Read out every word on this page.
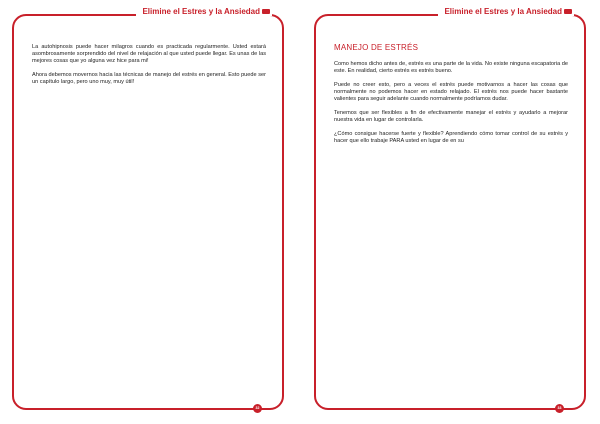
Elimine el Estres y la Ansiedad

La autohipnosis puede hacer milagros cuando es practicada regularmente. Usted estará asombrosamente sorprendido del nivel de relajación al que usted puede llegar. Es unas de las mejores cosas que yo alguna vez hice para mi!

Ahora debemos movernos hacia las técnicas de manejo del estrés en general. Esto puede ser un capítulo largo, pero uno muy, muy útil!

32
Elimine el Estres y la Ansiedad
MANEJO DE ESTRÉS

Como hemos dicho antes de, estrés es una parte de la vida. No existe ninguna escapatoria de este. En realidad, cierto estrés es estrés bueno.

Puede no creer esto, pero a veces el estrés puede motivarnos a hacer las cosas que normalmente no podemos hacer en estado relajado. El estrés nos puede hacer bastante valientes para seguir adelante cuando normalmente podríamos dudar.

Tenemos que ser flexibles a fin de efectivamente manejar el estrés y ayudarlo a mejorar nuestra vida en lugar de controlarla.

¿Cómo consigue hacerse fuerte y flexible? Aprendiendo cómo tomar control de su estrés y hacer que ello trabaje PARA usted en lugar de en su

33
